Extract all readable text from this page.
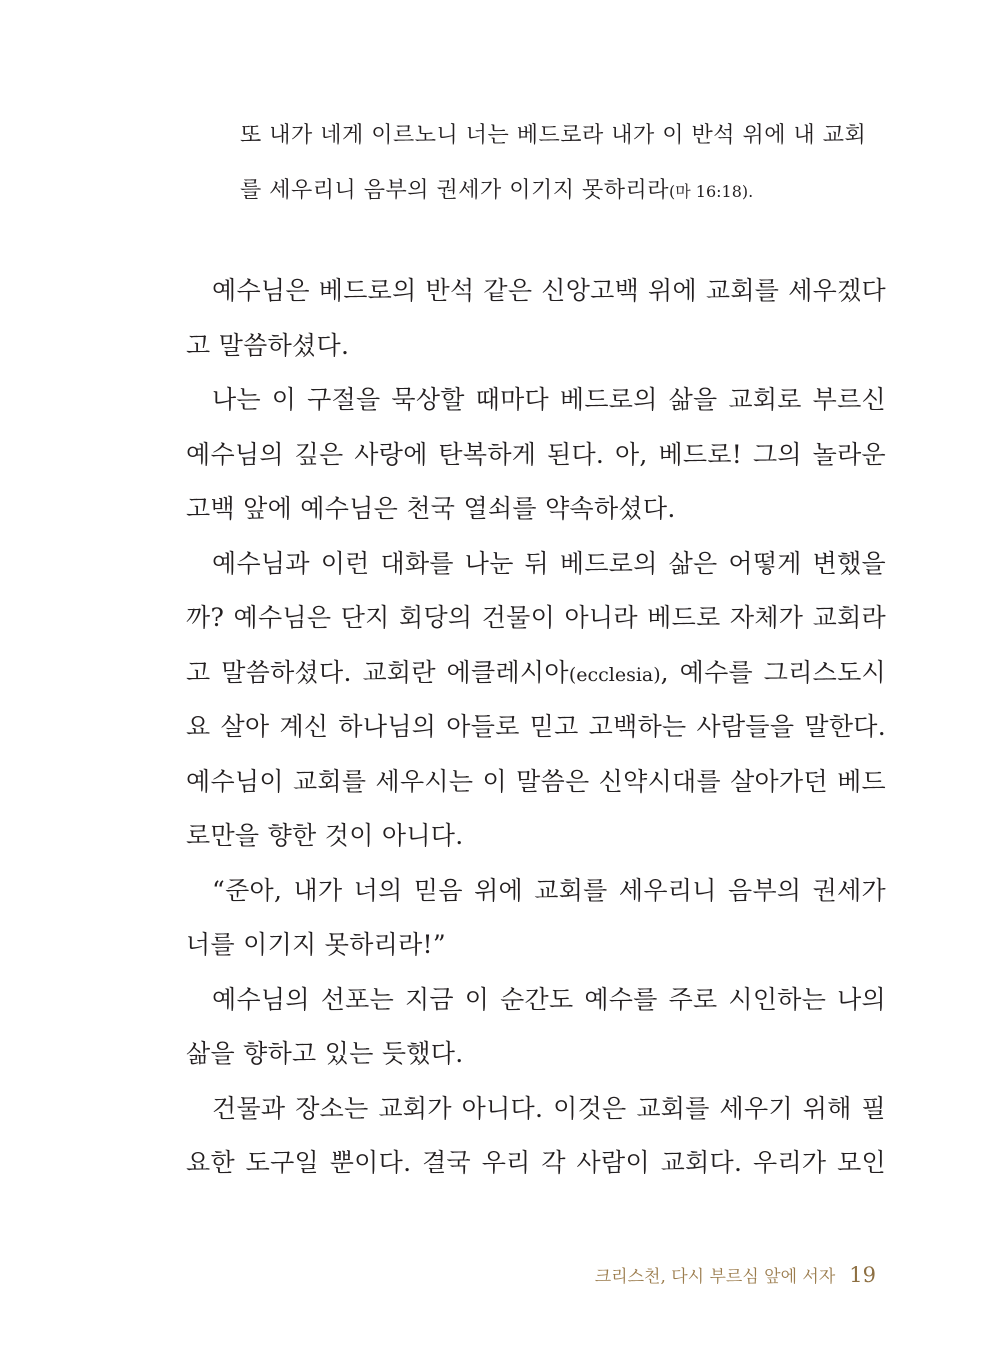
또 내가 네게 이르노니 너는 베드로라 내가 이 반석 위에 내 교회
를 세우리니 음부의 권세가 이기지 못하리라(마 16:18).
예수님은 베드로의 반석 같은 신앙고백 위에 교회를 세우겠다
고 말씀하셨다.
나는 이 구절을 묵상할 때마다 베드로의 삶을 교회로 부르신
예수님의 깊은 사랑에 탄복하게 된다. 아, 베드로! 그의 놀라운
고백 앞에 예수님은 천국 열쇠를 약속하셨다.
예수님과 이런 대화를 나눈 뒤 베드로의 삶은 어떻게 변했을
까? 예수님은 단지 회당의 건물이 아니라 베드로 자체가 교회라
고 말씀하셨다. 교회란 에클레시아(ecclesia), 예수를 그리스도시
요 살아 계신 하나님의 아들로 믿고 고백하는 사람들을 말한다.
예수님이 교회를 세우시는 이 말씀은 신약시대를 살아가던 베드
로만을 향한 것이 아니다.
“준아, 내가 너의 믿음 위에 교회를 세우리니 음부의 권세가
너를 이기지 못하리라!”
예수님의 선포는 지금 이 순간도 예수를 주로 시인하는 나의
삶을 향하고 있는 듯했다.
건물과 장소는 교회가 아니다. 이것은 교회를 세우기 위해 필
요한 도구일 뿐이다. 결국 우리 각 사람이 교회다. 우리가 모인
크리스천, 다시 부르심 앞에 서자 19
